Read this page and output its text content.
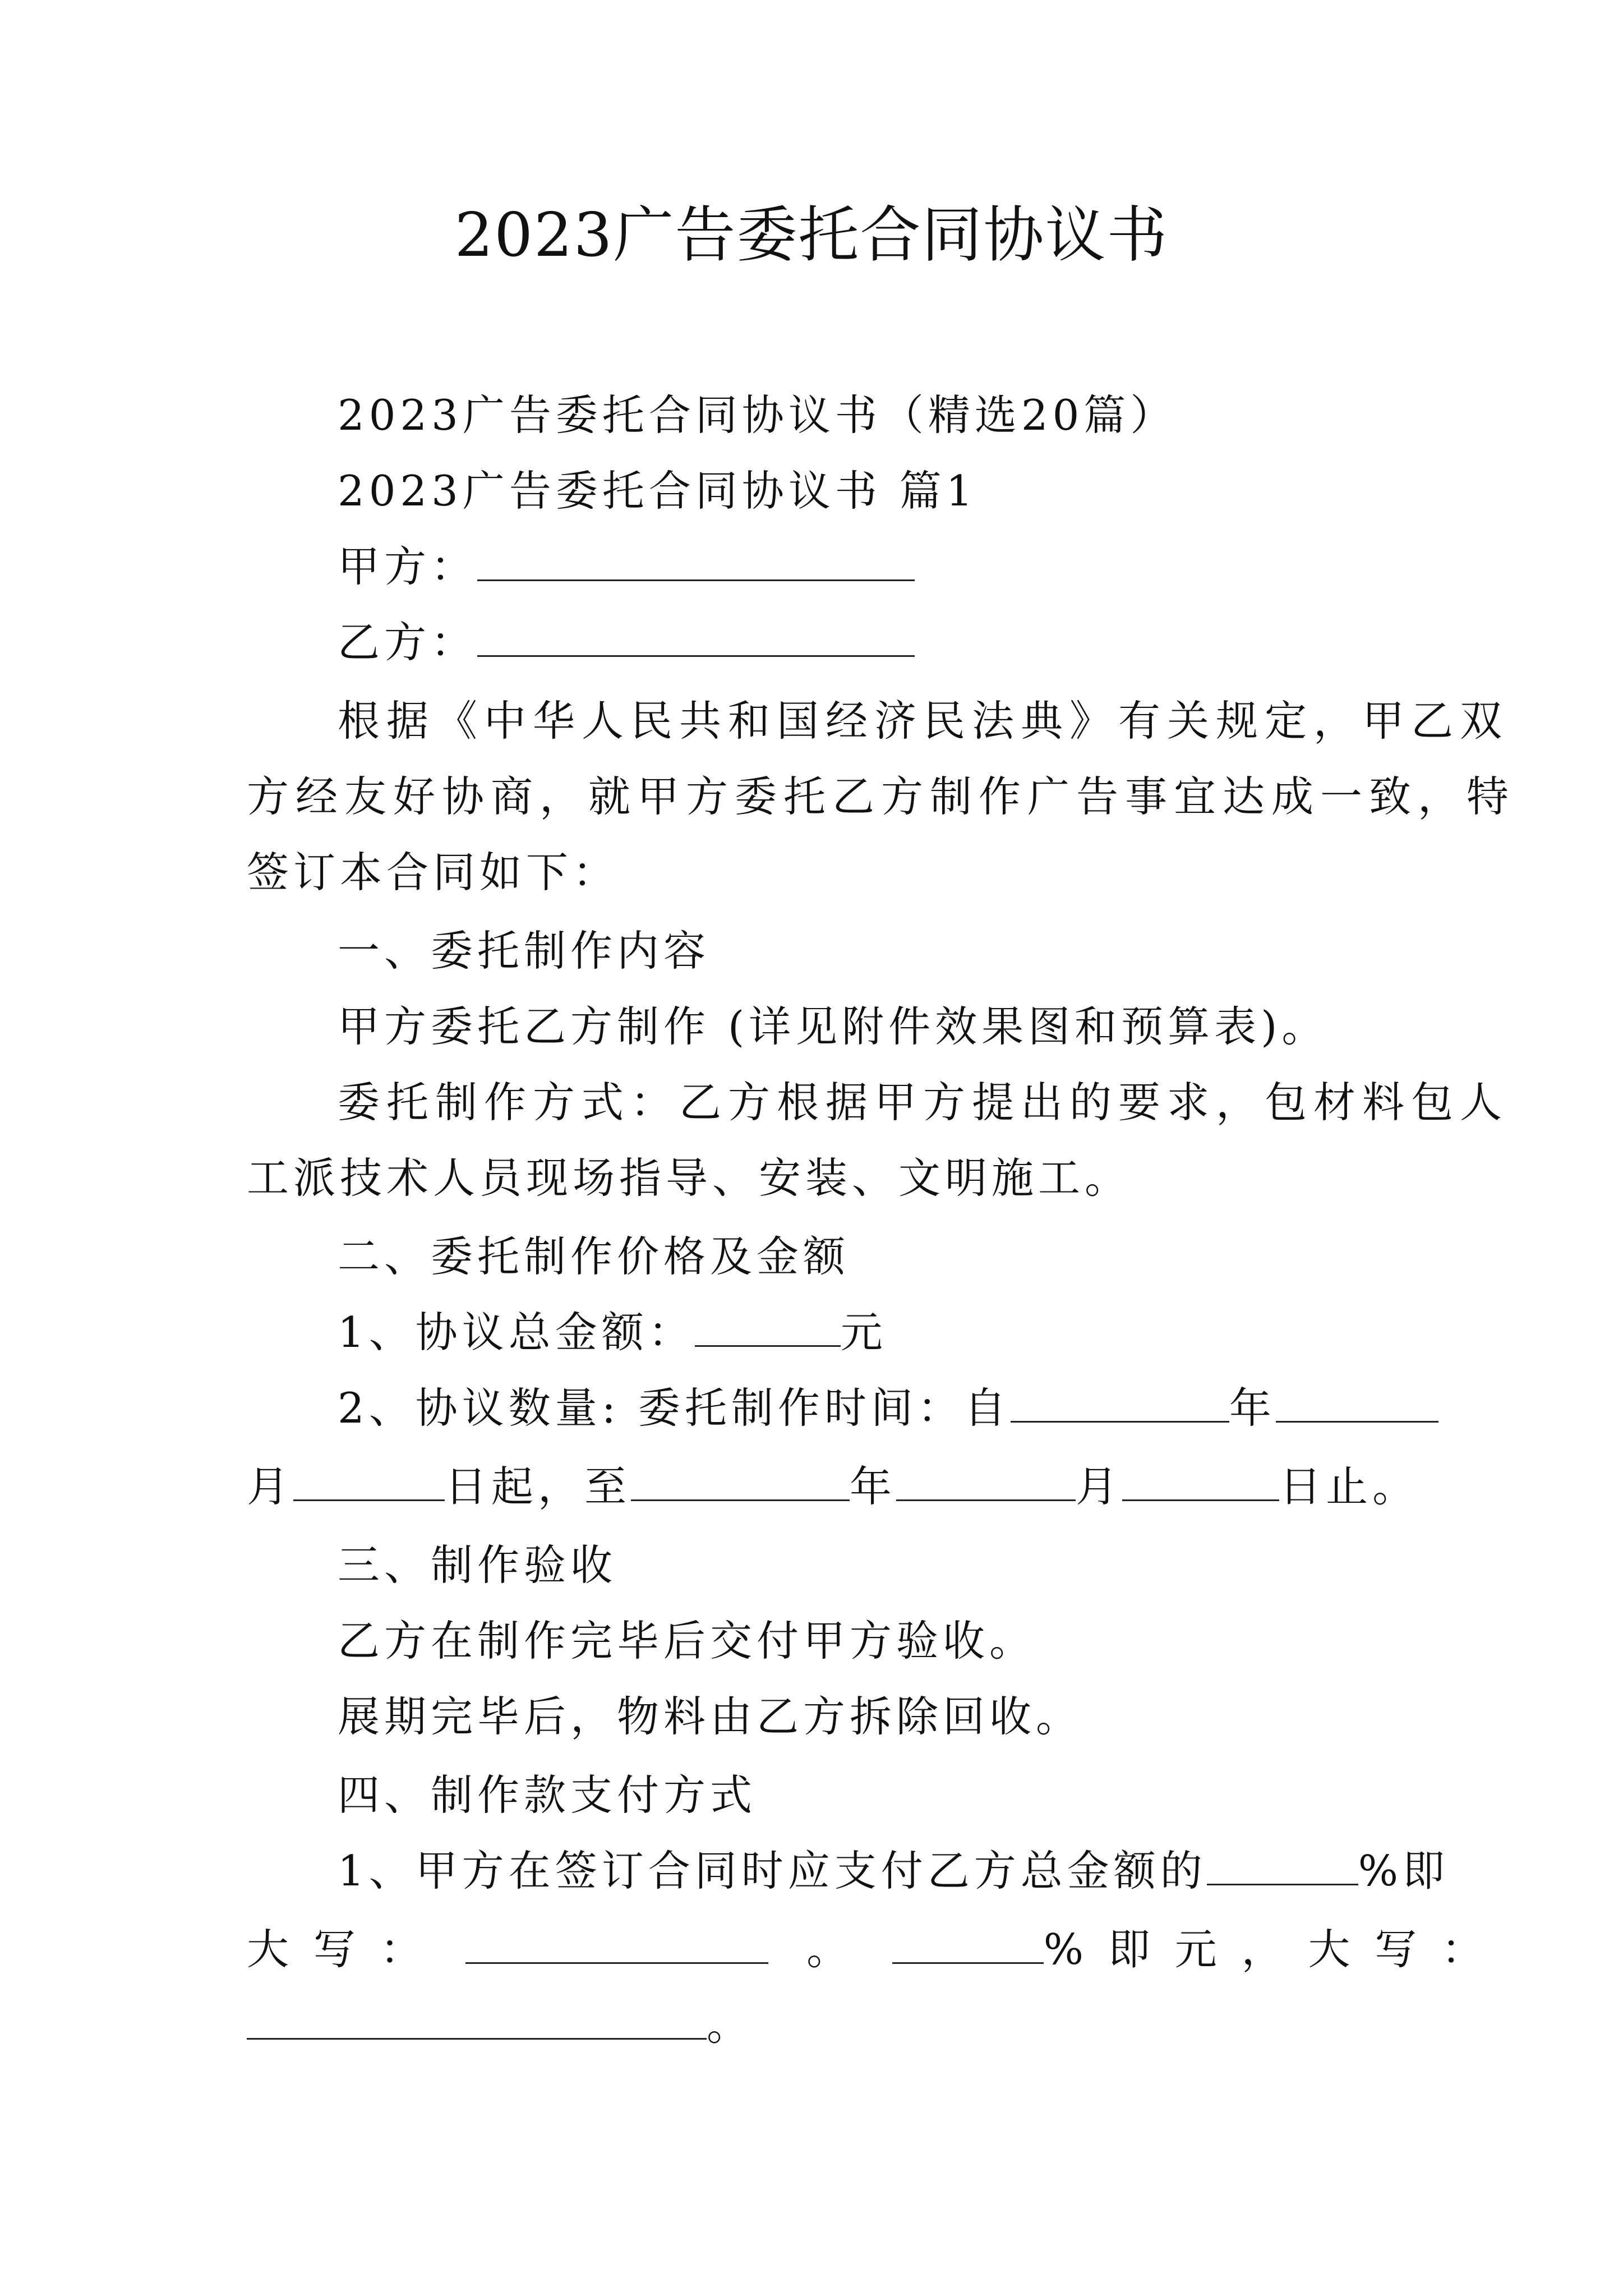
2023广告委托合同协议书
2023广告委托合同协议书（精选20篇）
2023广告委托合同协议书 篇1
甲方：
乙方：
根据《中华人民共和国经济民法典》有关规定，甲乙双
方经友好协商，就甲方委托乙方制作广告事宜达成一致，特
签订本合同如下：
一、委托制作内容
甲方委托乙方制作 (详见附件效果图和预算表)。
委托制作方式：乙方根据甲方提出的要求，包材料包人
工派技术人员现场指导、安装、文明施工。
二、委托制作价格及金额
1、协议总金额：	元
2、协议数量: 委托制作时间：自	年
月	日起，至	年	月	日止。
三、制作验收
乙方在制作完毕后交付甲方验收。
展期完毕后，物料由乙方拆除回收。
四、制作款支付方式
1、甲方在签订合同时应支付乙方总金额的	%即
大 写 ：	。	% 即 元 ， 大 写 ：
。
